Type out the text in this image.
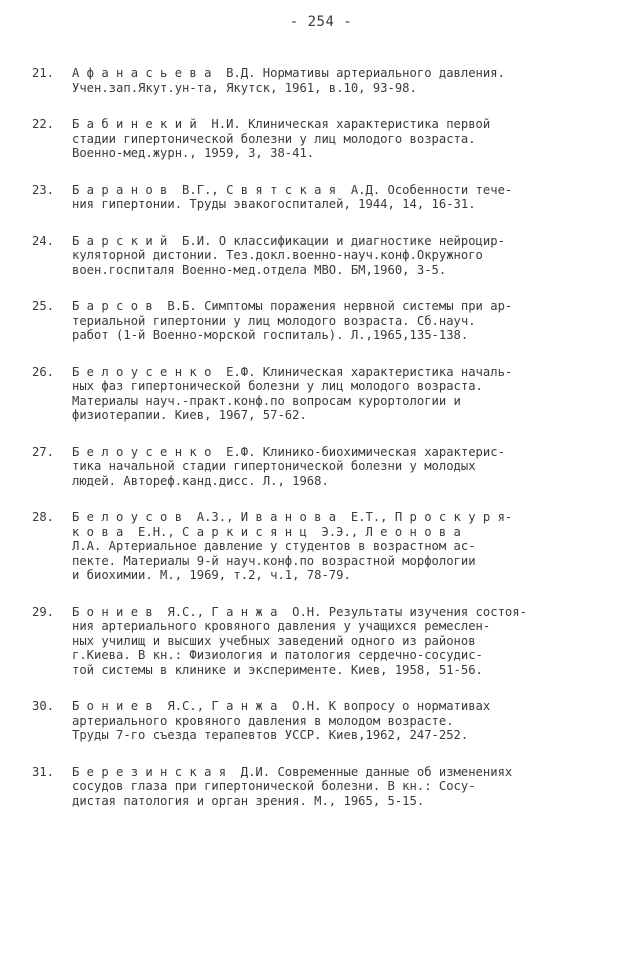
- 254 -
21.	А ф а н а с ь е в а  В.Д. Нормативы артериального давления.
Учен.зап.Якут.ун-та, Якутск, 1961, в.10, 93-98.
22.	Б а б и н е к и й  Н.И. Клиническая характеристика первой
стадии гипертонической болезни у лиц молодого возраста.
Военно-мед.журн., 1959, 3, 38-41.
23.	Б а р а н о в  В.Г., С в я т с к а я  А.Д. Особенности тече-
ния гипертонии. Труды эвакогоспиталей, 1944, 14, 16-31.
24.	Б а р с к и й  Б.И. О классификации и диагностике нейроцир-
куляторной дистонии. Тез.докл.военно-науч.конф.Окружного
воен.госпиталя Военно-мед.отдела МВО. БМ,1960, 3-5.
25.	Б а р с о в  В.Б. Симптомы поражения нервной системы при ар-
териальной гипертонии у лиц молодого возраста. Сб.науч.
работ (1-й Военно-морской госпиталь). Л.,1965,135-138.
26.	Б е л о у с е н к о  Е.Ф. Клиническая характеристика началь-
ных фаз гипертонической болезни у лиц молодого возраста.
Материалы науч.-практ.конф.по вопросам курортологии и
физиотерапии. Киев, 1967, 57-62.
27.	Б е л о у с е н к о  Е.Ф. Клинико-биохимическая характерис-
тика начальной стадии гипертонической болезни у молодых
людей. Автореф.канд.дисс. Л., 1968.
28.	Б е л о у с о в  А.З., И в а н о в а  Е.Т., П р о с к у р я-
к о в а  Е.Н., С а р к и с я н ц  Э.Э., Л е о н о в а
Л.А. Артериальное давление у студентов в возрастном ас-
пекте. Материалы 9-й науч.конф.по возрастной морфологии
и биохимии. М., 1969, т.2, ч.1, 78-79.
29.	Б о н и е в  Я.С., Г а н ж а  О.Н. Результаты изучения состоя-
ния артериального кровяного давления у учащихся ремеслен-
ных училищ и высших учебных заведений одного из районов
г.Киева. В кн.: Физиология и патология сердечно-сосудис-
той системы в клинике и эксперименте. Киев, 1958, 51-56.
30.	Б о н и е в  Я.С., Г а н ж а  О.Н. К вопросу о нормативах
артериального кровяного давления в молодом возрасте.
Труды 7-го съезда терапевтов УССР. Киев,1962, 247-252.
31.	Б е р е з и н с к а я  Д.И. Современные данные об изменениях
сосудов глаза при гипертонической болезни. В кн.: Сосу-
дистая патология и орган зрения. М., 1965, 5-15.
